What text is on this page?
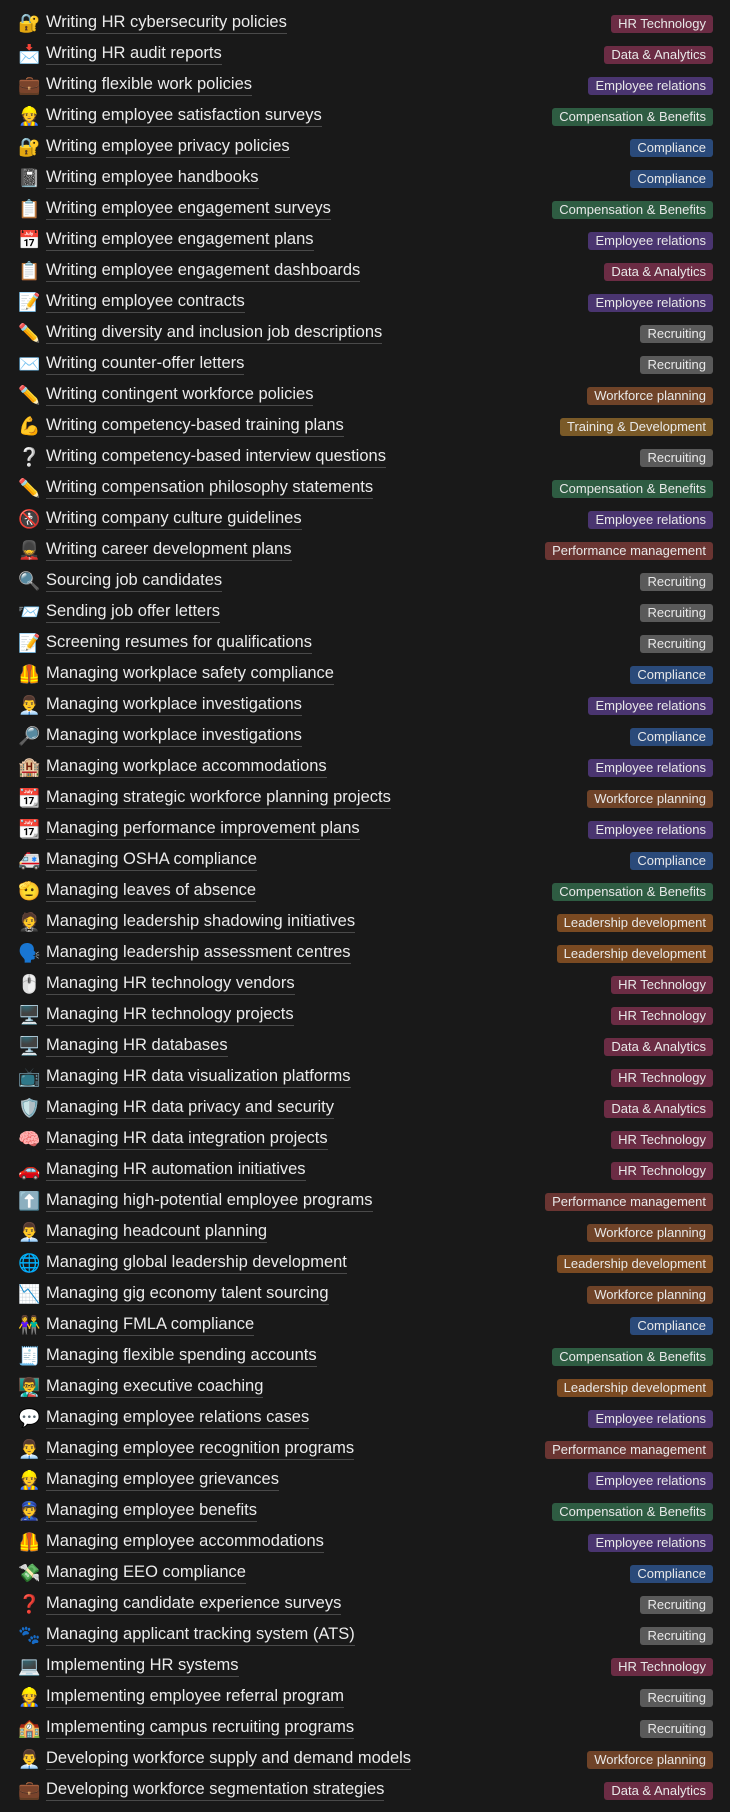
🔐 Writing HR cybersecurity policies	HR Technology
📩 Writing HR audit reports	Data & Analytics
💼 Writing flexible work policies	Employee relations
👷 Writing employee satisfaction surveys	Compensation & Benefits
🔐 Writing employee privacy policies	Compliance
📓 Writing employee handbooks	Compliance
📋 Writing employee engagement surveys	Compensation & Benefits
📅 Writing employee engagement plans	Employee relations
📋 Writing employee engagement dashboards	Data & Analytics
📝 Writing employee contracts	Employee relations
✏️ Writing diversity and inclusion job descriptions	Recruiting
✉️ Writing counter-offer letters	Recruiting
✏️ Writing contingent workforce policies	Workforce planning
💪 Writing competency-based training plans	Training & Development
❔ Writing competency-based interview questions	Recruiting
✏️ Writing compensation philosophy statements	Compensation & Benefits
🚷 Writing company culture guidelines	Employee relations
💂 Writing career development plans	Performance management
🔍 Sourcing job candidates	Recruiting
📨 Sending job offer letters	Recruiting
📝 Screening resumes for qualifications	Recruiting
🦺 Managing workplace safety compliance	Compliance
👨‍💼 Managing workplace investigations	Employee relations
🔎 Managing workplace investigations	Compliance
🏨 Managing workplace accommodations	Employee relations
📆 Managing strategic workforce planning projects	Workforce planning
📆 Managing performance improvement plans	Employee relations
🚑 Managing OSHA compliance	Compliance
🫡 Managing leaves of absence	Compensation & Benefits
🤵 Managing leadership shadowing initiatives	Leadership development
🗣️ Managing leadership assessment centres	Leadership development
🖱️ Managing HR technology vendors	HR Technology
🖥️ Managing HR technology projects	HR Technology
🖥️ Managing HR databases	Data & Analytics
📺 Managing HR data visualization platforms	HR Technology
🛡️ Managing HR data privacy and security	Data & Analytics
🧠 Managing HR data integration projects	HR Technology
🚗 Managing HR automation initiatives	HR Technology
⬆️ Managing high-potential employee programs	Performance management
👨‍💼 Managing headcount planning	Workforce planning
🌐 Managing global leadership development	Leadership development
📉 Managing gig economy talent sourcing	Workforce planning
👫 Managing FMLA compliance	Compliance
🧾 Managing flexible spending accounts	Compensation & Benefits
👨‍🏫 Managing executive coaching	Leadership development
💬 Managing employee relations cases	Employee relations
👨‍💼 Managing employee recognition programs	Performance management
👷 Managing employee grievances	Employee relations
👮 Managing employee benefits	Compensation & Benefits
🦺 Managing employee accommodations	Employee relations
💸 Managing EEO compliance	Compliance
❓ Managing candidate experience surveys	Recruiting
🐾 Managing applicant tracking system (ATS)	Recruiting
💻 Implementing HR systems	HR Technology
👷 Implementing employee referral program	Recruiting
🏫 Implementing campus recruiting programs	Recruiting
👨‍💼 Developing workforce supply and demand models	Workforce planning
💼 Developing workforce segmentation strategies	Data & Analytics
